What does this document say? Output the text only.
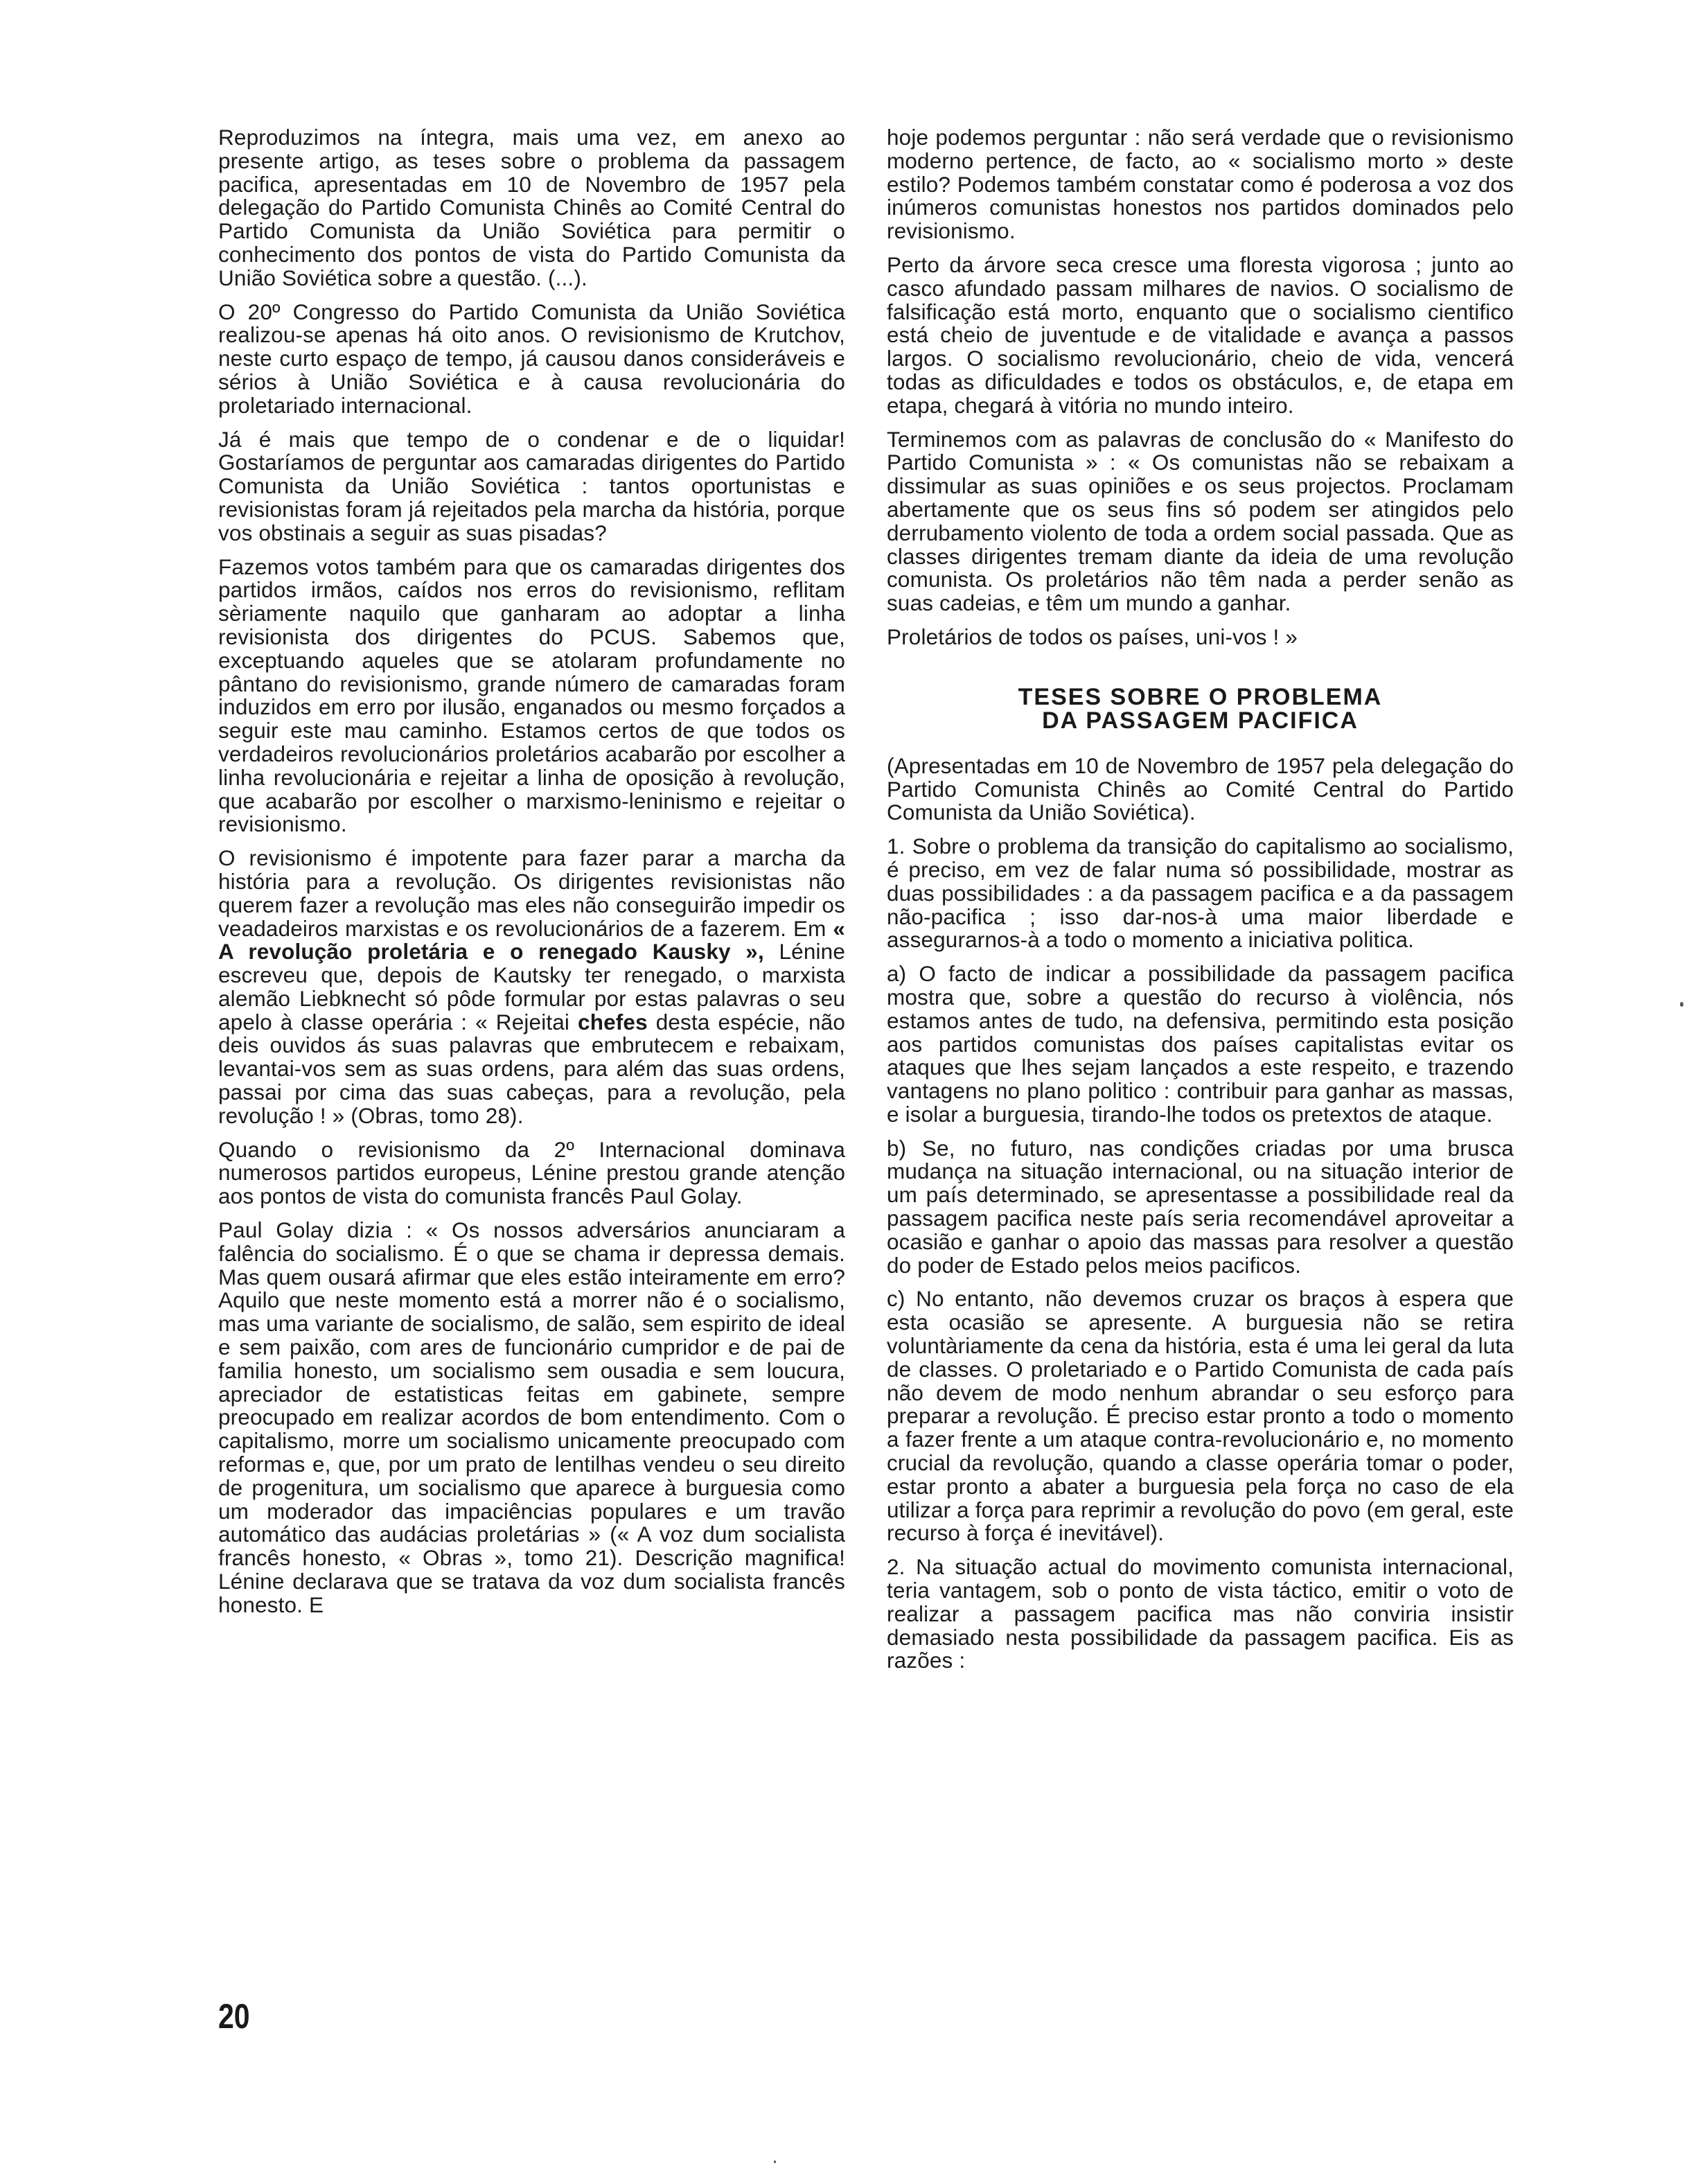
Reproduzimos na íntegra, mais uma vez, em anexo ao presente artigo, as teses sobre o problema da passagem pacifica, apresentadas em 10 de Novembro de 1957 pela delegação do Partido Comunista Chinês ao Comité Central do Partido Comunista da União Soviética para permitir o conhecimento dos pontos de vista do Partido Comunista da União Soviética sobre a questão. (...).

O 20º Congresso do Partido Comunista da União Soviética realizou-se apenas há oito anos. O revisionismo de Krutchov, neste curto espaço de tempo, já causou danos consideráveis e sérios à União Soviética e à causa revolucionária do proletariado internacional.

Já é mais que tempo de o condenar e de o liquidar! Gostaríamos de perguntar aos camaradas dirigentes do Partido Comunista da União Soviética : tantos oportunistas e revisionistas foram já rejeitados pela marcha da história, porque vos obstinais a seguir as suas pisadas?

Fazemos votos também para que os camaradas dirigentes dos partidos irmãos, caídos nos erros do revisionismo, reflitam sèriamente naquilo que ganharam ao adoptar a linha revisionista dos dirigentes do PCUS. Sabemos que, exceptuando aqueles que se atolaram profundamente no pântano do revisionismo, grande número de camaradas foram induzidos em erro por ilusão, enganados ou mesmo forçados a seguir este mau caminho. Estamos certos de que todos os verdadeiros revolucionários proletários acabarão por escolher a linha revolucionária e rejeitar a linha de oposição à revolução, que acabarão por escolher o marxismo-leninismo e rejeitar o revisionismo.

O revisionismo é impotente para fazer parar a marcha da história para a revolução. Os dirigentes revisionistas não querem fazer a revolução mas eles não conseguirão impedir os veadadeiros marxistas e os revolucionários de a fazerem. Em « A revolução proletária e o renegado Kausky », Lénine escreveu que, depois de Kautsky ter renegado, o marxista alemão Liebknecht só pôde formular por estas palavras o seu apelo à classe operária : « Rejeitai chefes desta espécie, não deis ouvidos ás suas palavras que embrutecem e rebaixam, levantai-vos sem as suas ordens, para além das suas ordens, passai por cima das suas cabeças, para a revolução, pela revolução ! » (Obras, tomo 28).

Quando o revisionismo da 2º Internacional dominava numerosos partidos europeus, Lénine prestou grande atenção aos pontos de vista do comunista francês Paul Golay.

Paul Golay dizia : « Os nossos adversários anunciaram a falência do socialismo. É o que se chama ir depressa demais. Mas quem ousará afirmar que eles estão inteiramente em erro? Aquilo que neste momento está a morrer não é o socialismo, mas uma variante de socialismo, de salão, sem espirito de ideal e sem paixão, com ares de funcionário cumpridor e de pai de familia honesto, um socialismo sem ousadia e sem loucura, apreciador de estatisticas feitas em gabinete, sempre preocupado em realizar acordos de bom entendimento. Com o capitalismo, morre um socialismo unicamente preocupado com reformas e, que, por um prato de lentilhas vendeu o seu direito de progenitura, um socialismo que aparece à burguesia como um moderador das impaciências populares e um travão automático das audácias proletárias » (« A voz dum socialista francês honesto, « Obras », tomo 21). Descrição magnifica! Lénine declarava que se tratava da voz dum socialista francês honesto. E

hoje podemos perguntar : não será verdade que o revisionismo moderno pertence, de facto, ao « socialismo morto » deste estilo? Podemos também constatar como é poderosa a voz dos inúmeros comunistas honestos nos partidos dominados pelo revisionismo.

Perto da árvore seca cresce uma floresta vigorosa ; junto ao casco afundado passam milhares de navios. O socialismo de falsificação está morto, enquanto que o socialismo cientifico está cheio de juventude e de vitalidade e avança a passos largos. O socialismo revolucionário, cheio de vida, vencerá todas as dificuldades e todos os obstáculos, e, de etapa em etapa, chegará à vitória no mundo inteiro.

Terminemos com as palavras de conclusão do « Manifesto do Partido Comunista » : « Os comunistas não se rebaixam a dissimular as suas opiniões e os seus projectos. Proclamam abertamente que os seus fins só podem ser atingidos pelo derrubamento violento de toda a ordem social passada. Que as classes dirigentes tremam diante da ideia de uma revolução comunista. Os proletários não têm nada a perder senão as suas cadeias, e têm um mundo a ganhar.

Proletários de todos os países, uni-vos ! »

TESES SOBRE O PROBLEMA
DA PASSAGEM PACIFICA

(Apresentadas em 10 de Novembro de 1957 pela delegação do Partido Comunista Chinês ao Comité Central do Partido Comunista da União Soviética).

1. Sobre o problema da transição do capitalismo ao socialismo, é preciso, em vez de falar numa só possibilidade, mostrar as duas possibilidades : a da passagem pacifica e a da passagem não-pacifica ; isso dar-nos-à uma maior liberdade e assegurarnos-à a todo o momento a iniciativa politica.

a) O facto de indicar a possibilidade da passagem pacifica mostra que, sobre a questão do recurso à violência, nós estamos antes de tudo, na defensiva, permitindo esta posição aos partidos comunistas dos países capitalistas evitar os ataques que lhes sejam lançados a este respeito, e trazendo vantagens no plano politico : contribuir para ganhar as massas, e isolar a burguesia, tirando-lhe todos os pretextos de ataque.

b) Se, no futuro, nas condições criadas por uma brusca mudança na situação internacional, ou na situação interior de um país determinado, se apresentasse a possibilidade real da passagem pacifica neste país seria recomendável aproveitar a ocasião e ganhar o apoio das massas para resolver a questão do poder de Estado pelos meios pacificos.

c) No entanto, não devemos cruzar os braços à espera que esta ocasião se apresente. A burguesia não se retira voluntàriamente da cena da história, esta é uma lei geral da luta de classes. O proletariado e o Partido Comunista de cada país não devem de modo nenhum abrandar o seu esforço para preparar a revolução. É preciso estar pronto a todo o momento a fazer frente a um ataque contra-revolucionário e, no momento crucial da revolução, quando a classe operária tomar o poder, estar pronto a abater a burguesia pela força no caso de ela utilizar a força para reprimir a revolução do povo (em geral, este recurso à força é inevitável).

2. Na situação actual do movimento comunista internacional, teria vantagem, sob o ponto de vista táctico, emitir o voto de realizar a passagem pacifica mas não conviria insistir demasiado nesta possibilidade da passagem pacifica. Eis as razões :

20
